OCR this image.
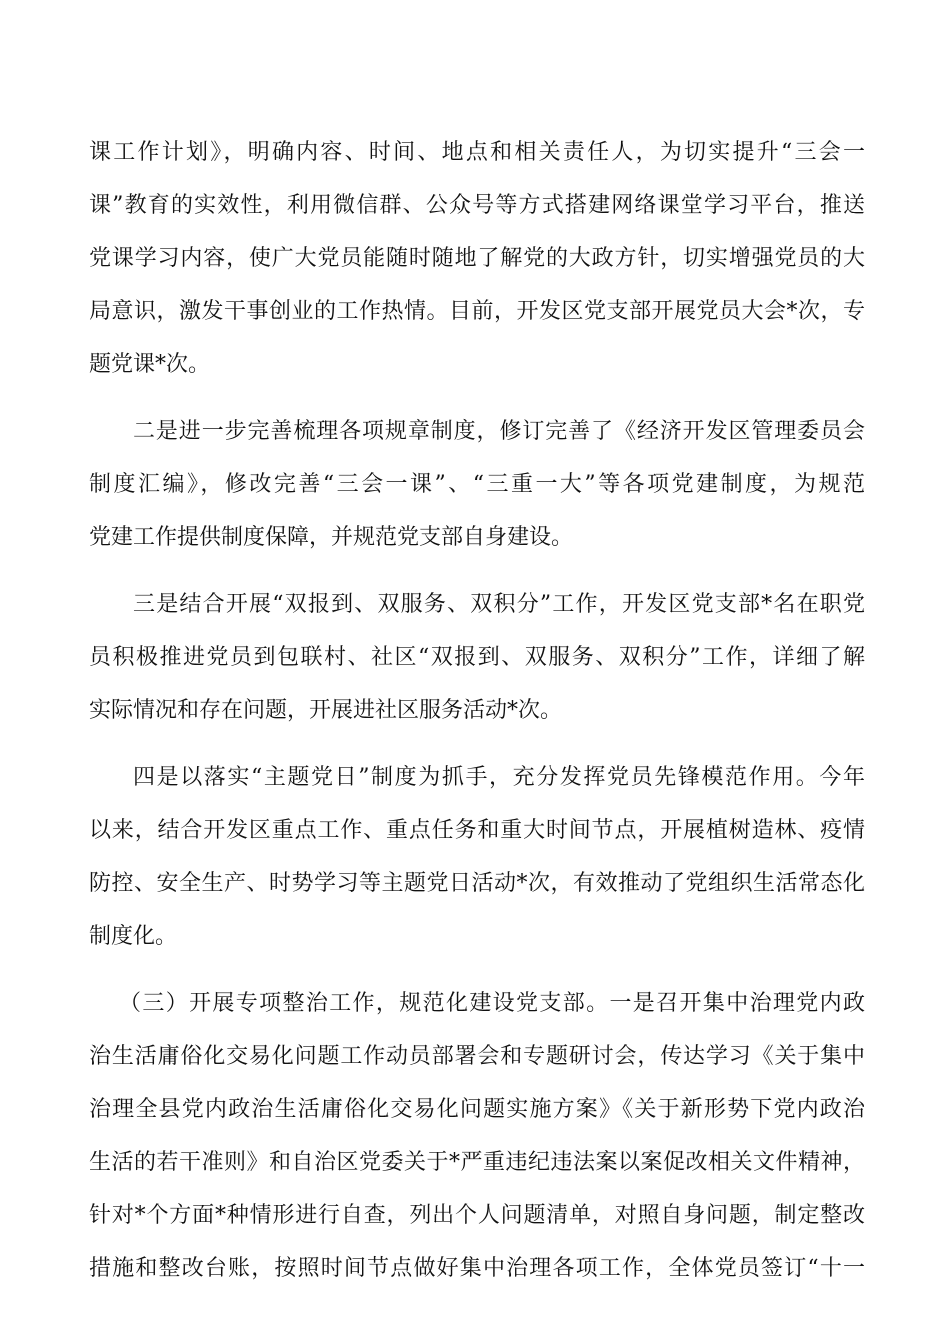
课工作计划》，明确内容、时间、地点和相关责任人，为切实提升“三会一
课”教育的实效性，利用微信群、公众号等方式搭建网络课堂学习平台，推送
党课学习内容，使广大党员能随时随地了解党的大政方针，切实增强党员的大
局意识，激发干事创业的工作热情。目前，开发区党支部开展党员大会*次，专
题党课*次。
二是进一步完善梳理各项规章制度，修订完善了《经济开发区管理委员会
制度汇编》，修改完善“三会一课”、“三重一大”等各项党建制度，为规范
党建工作提供制度保障，并规范党支部自身建设。
三是结合开展“双报到、双服务、双积分”工作，开发区党支部*名在职党
员积极推进党员到包联村、社区“双报到、双服务、双积分”工作，详细了解
实际情况和存在问题，开展进社区服务活动*次。
四是以落实“主题党日”制度为抓手，充分发挥党员先锋模范作用。今年
以来，结合开发区重点工作、重点任务和重大时间节点，开展植树造林、疫情
防控、安全生产、时势学习等主题党日活动*次，有效推动了党组织生活常态化
制度化。
（三）开展专项整治工作，规范化建设党支部。一是召开集中治理党内政
治生活庸俗化交易化问题工作动员部署会和专题研讨会，传达学习《关于集中
治理全县党内政治生活庸俗化交易化问题实施方案》《关于新形势下党内政治
生活的若干准则》和自治区党委关于*严重违纪违法案以案促改相关文件精神，
针对*个方面*种情形进行自查，列出个人问题清单，对照自身问题，制定整改
措施和整改台账，按照时间节点做好集中治理各项工作，全体党员签订“十一
